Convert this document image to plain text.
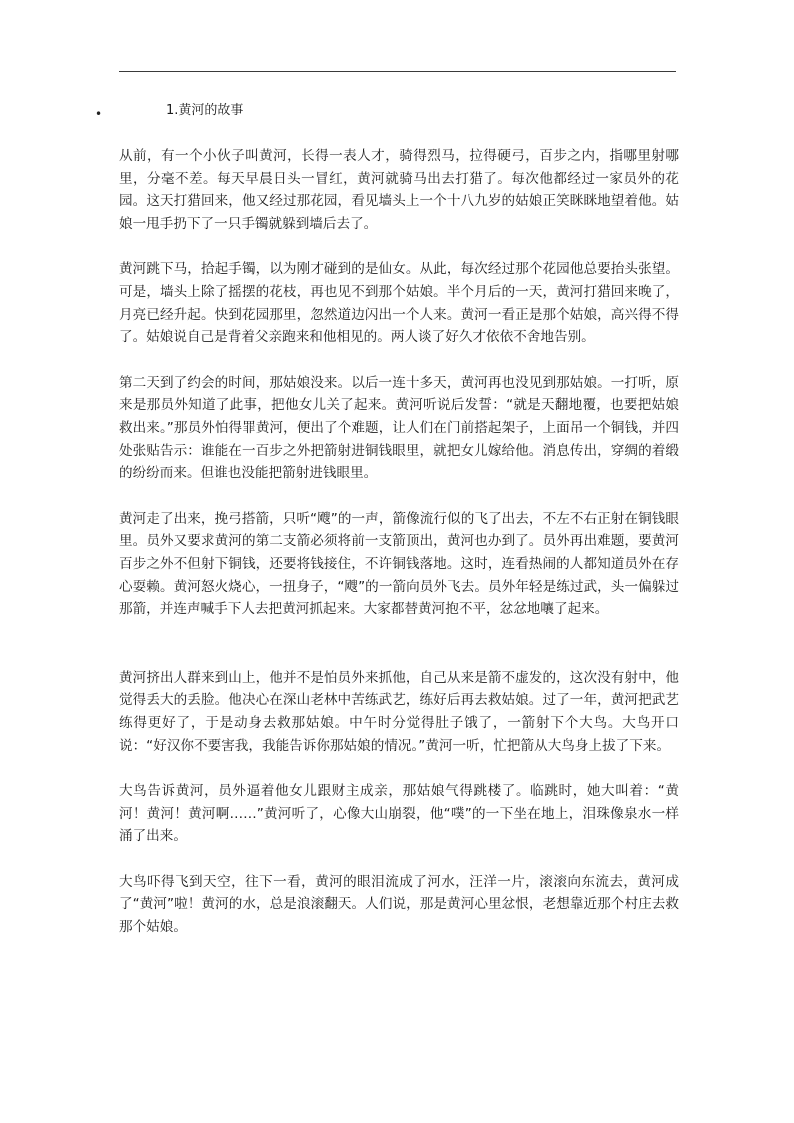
•	1.黄河的故事

从前，有一个小伙子叫黄河，长得一表人才，骑得烈马，拉得硬弓，百步之内，指哪里射哪里，分毫不差。每天早晨日头一冒红，黄河就骑马出去打猎了。每次他都经过一家员外的花园。这天打猎回来，他又经过那花园，看见墙头上一个十八九岁的姑娘正笑眯眯地望着他。姑娘一甩手扔下了一只手镯就躲到墙后去了。

黄河跳下马，拾起手镯，以为刚才碰到的是仙女。从此，每次经过那个花园他总要抬头张望。可是，墙头上除了摇摆的花枝，再也见不到那个姑娘。半个月后的一天，黄河打猎回来晚了，月亮已经升起。快到花园那里，忽然道边闪出一个人来。黄河一看正是那个姑娘，高兴得不得了。姑娘说自己是背着父亲跑来和他相见的。两人谈了好久才依依不舍地告别。

第二天到了约会的时间，那姑娘没来。以后一连十多天，黄河再也没见到那姑娘。一打听，原来是那员外知道了此事，把他女儿关了起来。黄河听说后发誓：“就是天翻地覆，也要把姑娘救出来。”那员外怕得罪黄河，便出了个难题，让人们在门前搭起架子，上面吊一个铜钱，并四处张贴告示：谁能在一百步之外把箭射进铜钱眼里，就把女儿嫁给他。消息传出，穿绸的着缎的纷纷而来。但谁也没能把箭射进钱眼里。

黄河走了出来，挽弓搭箭，只听“飕”的一声，箭像流行似的飞了出去，不左不右正射在铜钱眼里。员外又要求黄河的第二支箭必须将前一支箭顶出，黄河也办到了。员外再出难题，要黄河百步之外不但射下铜钱，还要将钱接住，不许铜钱落地。这时，连看热闹的人都知道员外在存心耍赖。黄河怒火烧心，一扭身子，“飕”的一箭向员外飞去。员外年轻是练过武，头一偏躲过那箭，并连声喊手下人去把黄河抓起来。大家都替黄河抱不平，忿忿地嚷了起来。

黄河挤出人群来到山上，他并不是怕员外来抓他，自己从来是箭不虚发的，这次没有射中，他觉得丢大的丢脸。他决心在深山老林中苦练武艺，练好后再去救姑娘。过了一年，黄河把武艺练得更好了，于是动身去救那姑娘。中午时分觉得肚子饿了，一箭射下个大鸟。大鸟开口说：“好汉你不要害我，我能告诉你那姑娘的情况。”黄河一听，忙把箭从大鸟身上拔了下来。

大鸟告诉黄河，员外逼着他女儿跟财主成亲，那姑娘气得跳楼了。临跳时，她大叫着：“黄河！黄河！黄河啊……”黄河听了，心像大山崩裂，他“噗”的一下坐在地上，泪珠像泉水一样涌了出来。

大鸟吓得飞到天空，往下一看，黄河的眼泪流成了河水，汪洋一片，滚滚向东流去，黄河成了“黄河”啦！黄河的水，总是浪滚翻天。人们说，那是黄河心里忿恨，老想靠近那个村庄去救那个姑娘。
